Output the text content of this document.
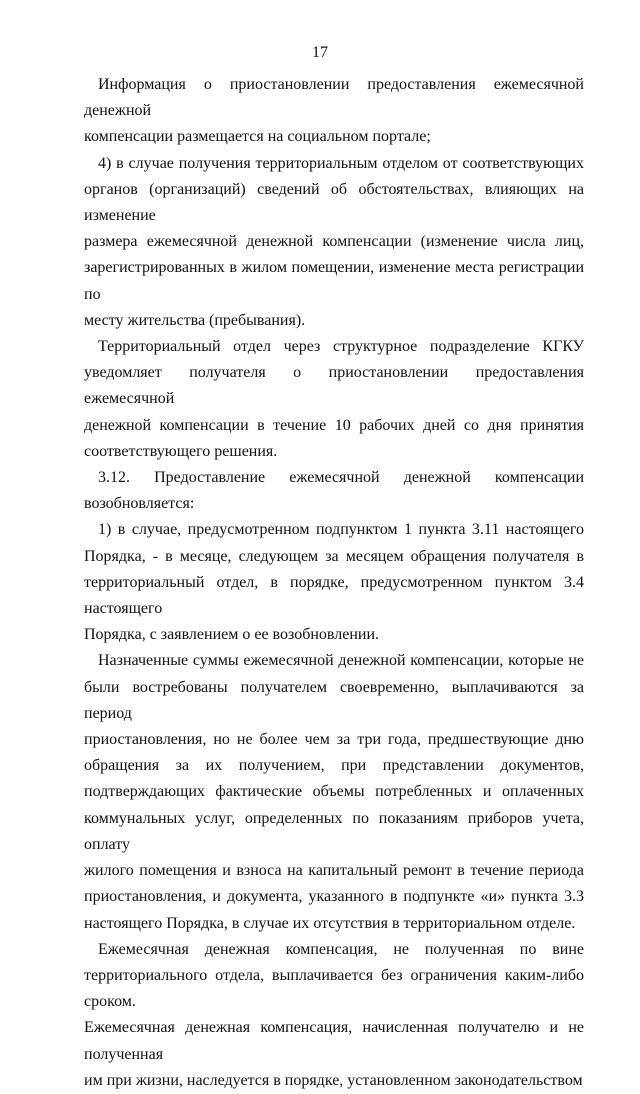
17
Информация о приостановлении предоставления ежемесячной денежной
компенсации размещается на социальном портале;
4) в случае получения территориальным отделом от соответствующих
органов (организаций) сведений об обстоятельствах, влияющих на изменение
размера ежемесячной денежной компенсации (изменение числа лиц,
зарегистрированных в жилом помещении, изменение места регистрации по
месту жительства (пребывания).
Территориальный отдел через структурное подразделение КГКУ
уведомляет получателя о приостановлении предоставления ежемесячной
денежной компенсации в течение 10 рабочих дней со дня принятия
соответствующего решения.
3.12. Предоставление ежемесячной денежной компенсации
возобновляется:
1) в случае, предусмотренном подпунктом 1 пункта 3.11 настоящего
Порядка, - в месяце, следующем за месяцем обращения получателя в
территориальный отдел, в порядке, предусмотренном пунктом 3.4 настоящего
Порядка, с заявлением о ее возобновлении.
Назначенные суммы ежемесячной денежной компенсации, которые не
были востребованы получателем своевременно, выплачиваются за период
приостановления, но не более чем за три года, предшествующие дню
обращения за их получением, при представлении документов,
подтверждающих фактические объемы потребленных и оплаченных
коммунальных услуг, определенных по показаниям приборов учета, оплату
жилого помещения и взноса на капитальный ремонт в течение периода
приостановления, и документа, указанного в подпункте «и» пункта 3.3
настоящего Порядка, в случае их отсутствия в территориальном отделе.
Ежемесячная денежная компенсация, не полученная по вине
территориального отдела, выплачивается без ограничения каким-либо сроком.
Ежемесячная денежная компенсация, начисленная получателю и не полученная
им при жизни, наследуется в порядке, установленном законодательством
